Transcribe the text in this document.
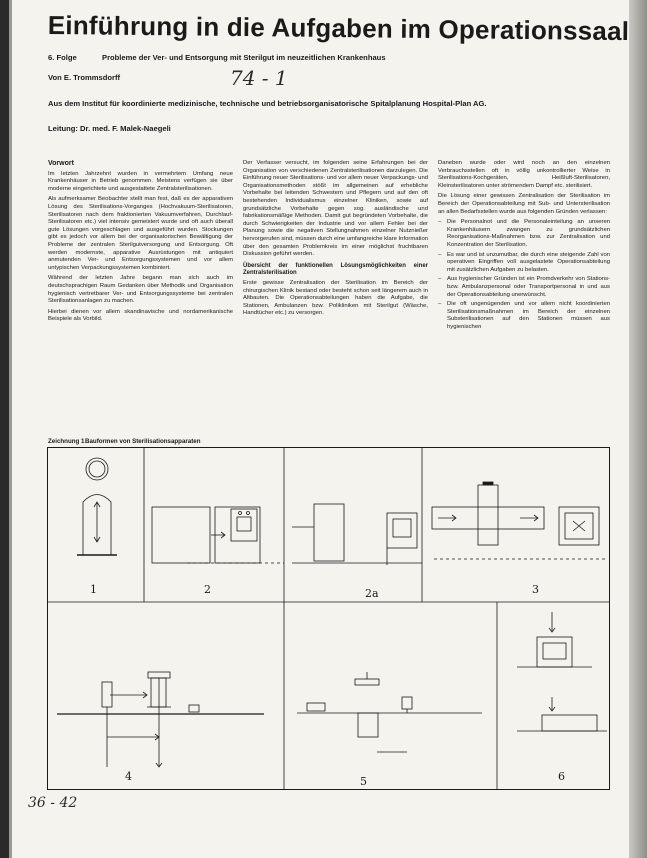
Einführung in die Aufgaben im Operationssaal
6. Folge	Probleme der Ver- und Entsorgung mit Sterilgut im neuzeitlichen Krankenhaus
Von E. Trommsdorff	74 - 1
Aus dem Institut für koordinierte medizinische, technische und betriebsorganisatorische Spitalplanung Hospital-Plan AG.
Leitung: Dr. med. F. Malek-Naegeli
Vorwort

Im letzten Jahrzehnt wurden in vermehrtem Umfang neue Krankenhäuser in Betrieb genommen. Meistens verfügen sie über moderne eingerichtete und ausgestattete Zentralsterilisationen.

Als aufmerksamer Beobachter stellt man fest, daß es der apparativen Lösung des Sterilisations-Vorganges (Hochvakuum-Sterilisatoren, Sterilisatoren nach dem fraktionierten Vakuumverfahren, Durchlauf-Sterilisatoren etc.) viel intensiv gemeistert wurde und oft auch überall gute Lösungen vorgeschlagen und ausgeführt wurden. Stockungen gibt es jedoch vor allem bei der organisatorischen Bewältigung der Probleme der zentralen Sterilgutversorgung und Entsorgung. Oft werden modernste, apparative Ausrüstungen mit antiquiert anmutenden Ver- und Entsorgungssystemen und vor allem untypischen Verpackungssystemen kombiniert.

Während der letzten Jahre begann man sich auch im deutschsprachigen Raum Gedanken über Methodik und Organisation hygienisch vertretbarer Ver- und Entsorgungssysteme bei zentralen Sterilisationsanlagen zu machen.

Hierbei dienen vor allem skandinavische und nordamerikanische Beispiele als Vorbild.

Der Verfasser versucht, im folgenden seine Erfahrungen bei der Organisation von verschiedenen Zentralsterilisationen darzulegen. Die Einführung neuer Sterilisations- und vor allem neuer Verpackungs- und Organisationsmethoden stößt im allgemeinen auf erhebliche Vorbehalte bei leitenden Schwestern und Pflegern und auf den oft bestehenden Individualismus einzelner Kliniken, sowie auf grundsätzliche Vorbehalte gegen sog. ausländische und fabrikationsmäßige Methoden. Damit gut begründeten Vorbehalte, die durch Schwierigkeiten der Industrie und vor allem Fehler bei der Planung sowie die negativen Stellungnahmen einzelner Nutznießer hervorgerufen sind, müssen durch eine umfangreiche klare Information über den gesamten Problemkreis im einer möglichst fruchtbaren Diskussion geführt werden.

Übersicht der funktionellen Lösungsmöglichkeiten einer Zentralsterilisation

Erste gewisse Zentralisation der Sterilisation im Bereich der chirurgischen Klinik bestand oder besteht schon seit längerem auch in Altbauten. Die Operationsabteilungen haben die Aufgabe, die Stationen, Ambulanzen bzw. Polikliniken mit Sterilgut (Wäsche, Handtücher etc.) zu versorgen.

Daneben wurde oder wird noch an den einzelnen Verbrauchsstellen oft in völlig unkontrollierter Weise in Sterilisations-Kochgeräten, Heißluft-Sterilisatoren, Kleinsterilisatoren unter strömendem Dampf etc. sterilisiert.

Die Lösung einer gewissen Zentralisation der Sterilisation im Bereich der Operationsabteilung mit Sub- und Untersterilisation an allen Bedarfsstellen wurde aus folgenden Gründen verlassen:

– Die Personalnot und die Personaleinteilung an unseren Krankenhäusern zwangen zu grundsätzlichen Reorganisations-Maßnahmen bzw. zur Zentralisation und Konzentration der Sterilisation.
– Es war und ist unzumutbar, die durch eine steigende Zahl von operativen Eingriffen voll ausgelastete Operationsabteilung mit zusätzlichen Aufgaben zu belasten.
– Aus hygienischer Gründen ist ein Promdverkehr von Stations- bzw. Ambulanzpersonal oder Transportpersonal in und aus der Operationsabteilung unerwünscht.
– Die oft ungenügenden und vor allem nicht koordinierten Sterilisationsmaßnahmen im Bereich der einzelnen Substerilisationen auf den Stationen müssen aus hygienischen
Zeichnung 1Bauformen von Sterilisationsapparaten
1	2	2a	3
4	5	6
36 - 42
